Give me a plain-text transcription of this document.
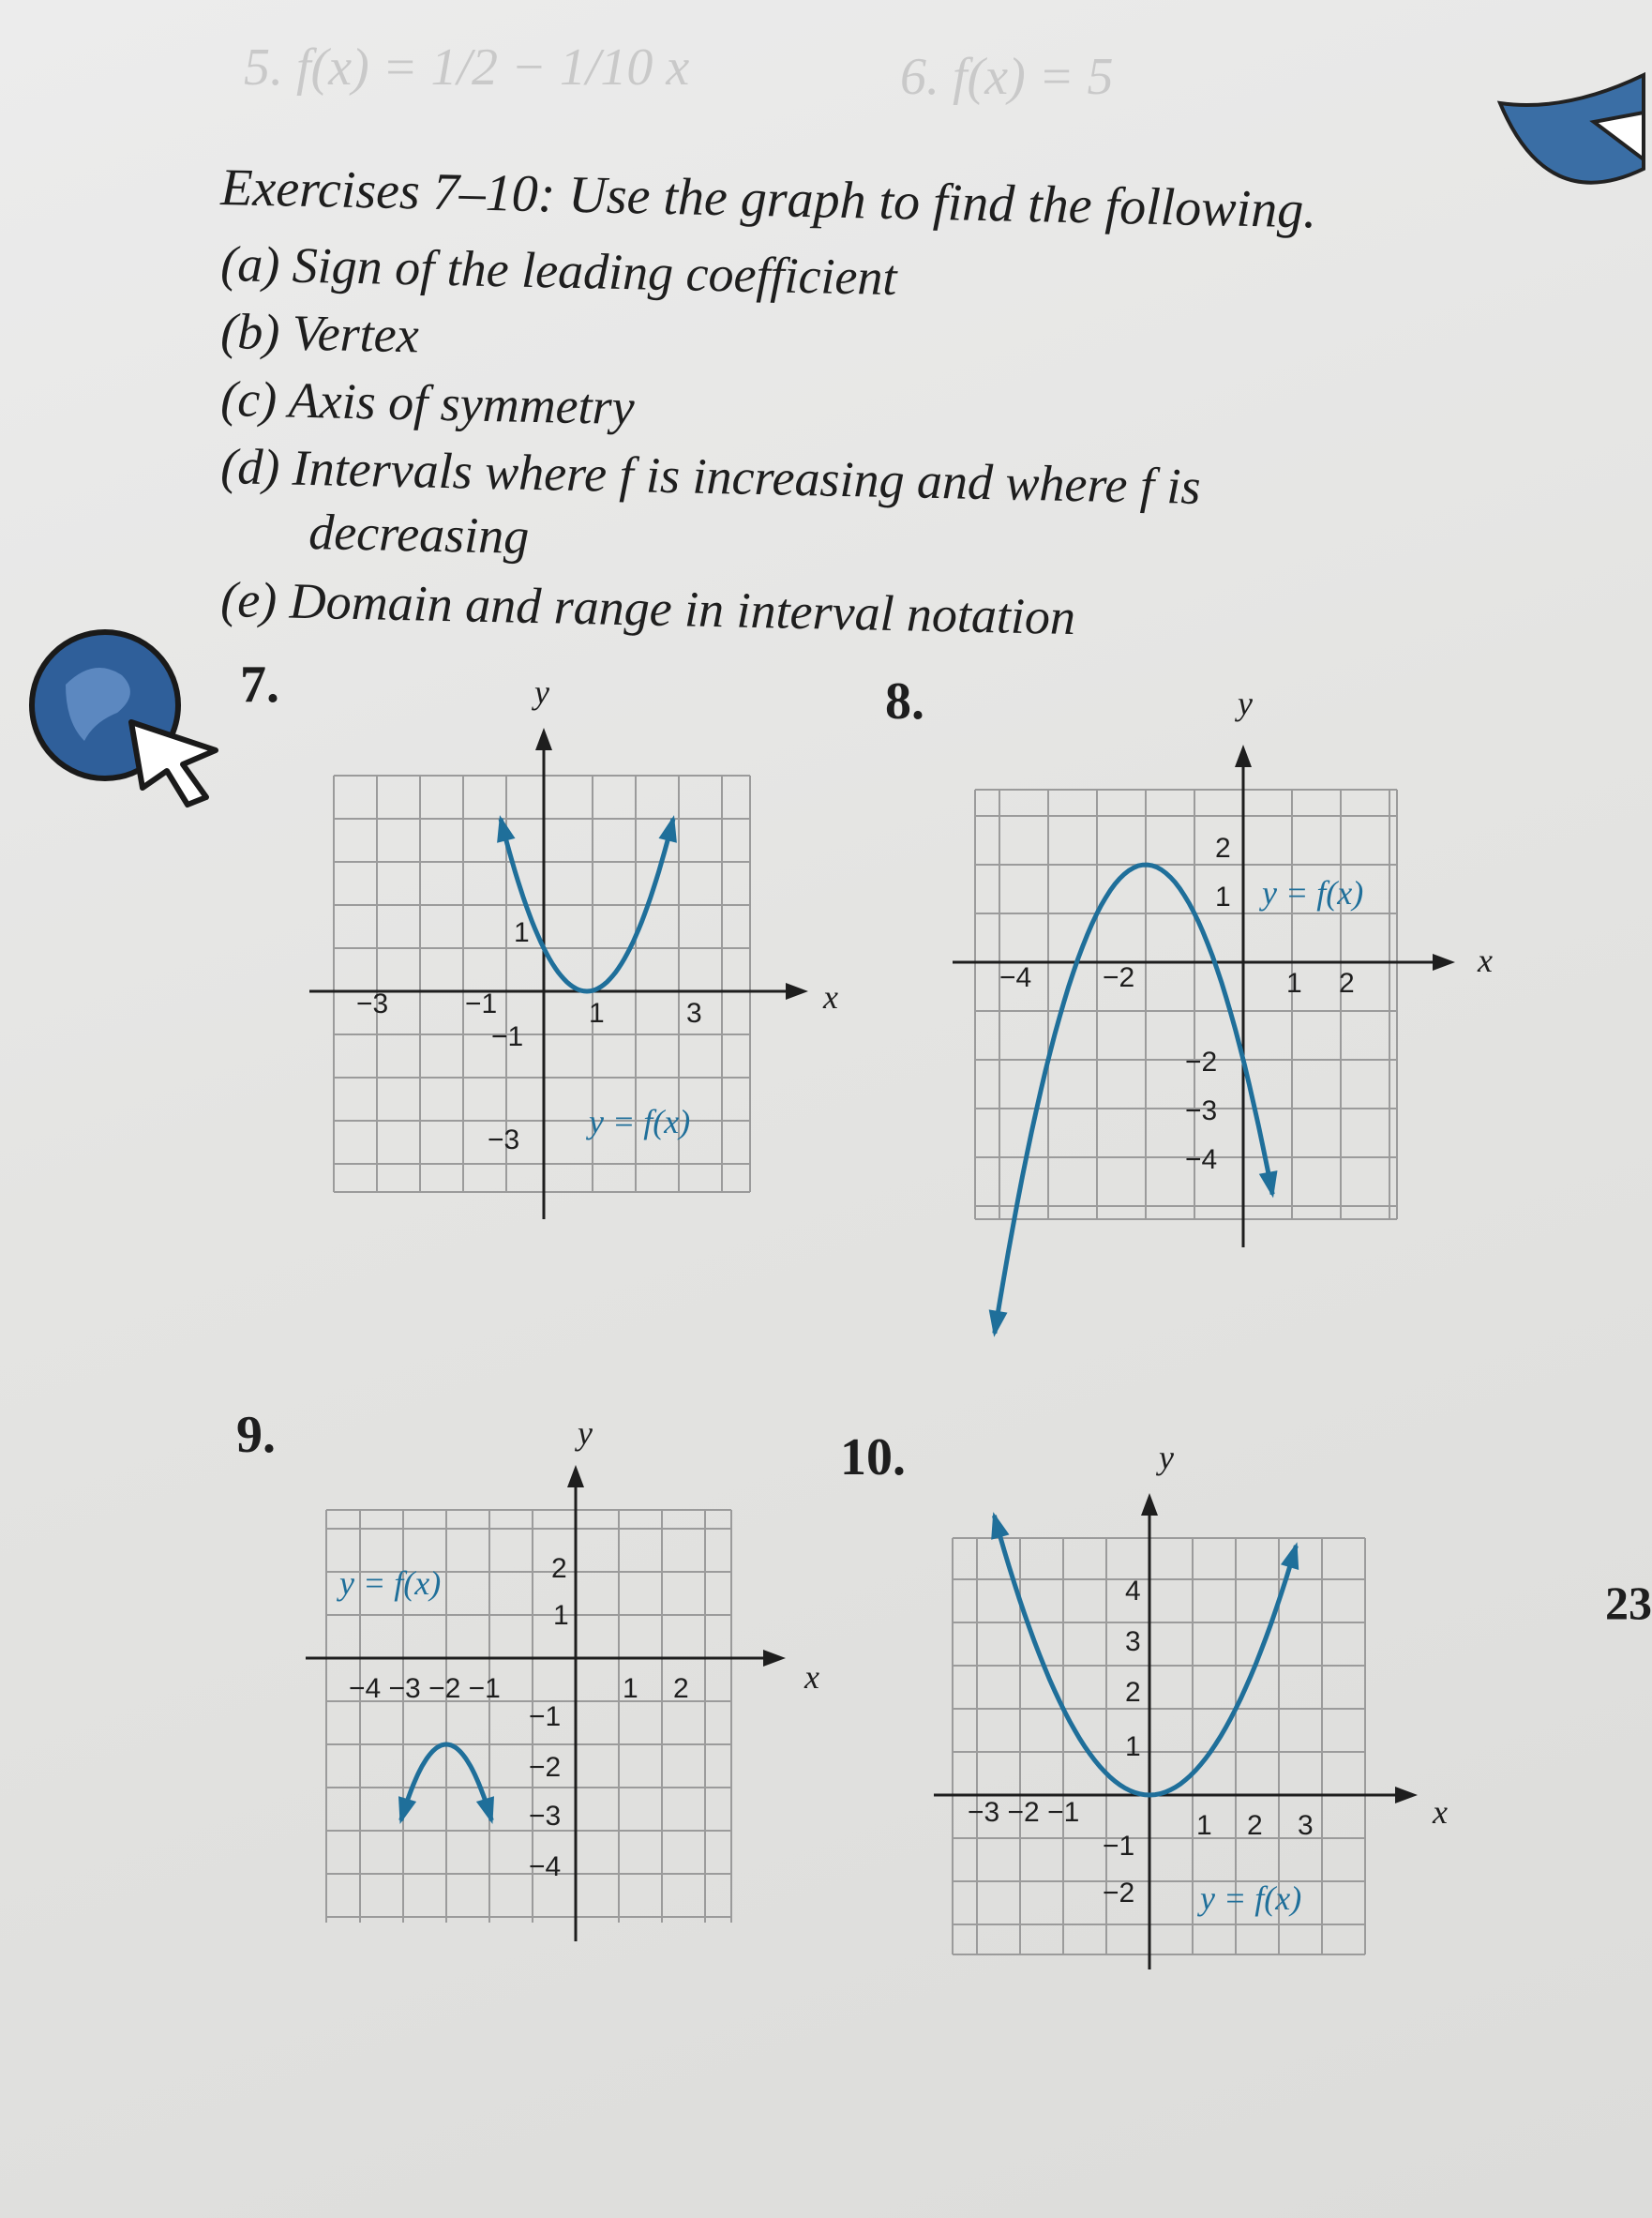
5. f(x) = 1/2 − 1/10 x	6. f(x) = 5
Exercises 7–10: Use the graph to find the following.
(a) Sign of the leading coefficient
(b) Vertex
(c) Axis of symmetry
(d) Intervals where f is increasing and where f is
decreasing
(e) Domain and range in interval notation
7.	8.
9.	10.
23
x
y
−3	−1	1	3
1
−1
−3 y = f(x)
x
y
−4	−2	1 2
2
1
−2
−3
−4
y = f(x)
x
y
−4 −3 −2 −1	1 2
2
1
−1
−2
−3
−4
y = f(x)
x
y
−3 −2 −1	1 2 3
4
3
2
1
−1
−2 y = f(x)
